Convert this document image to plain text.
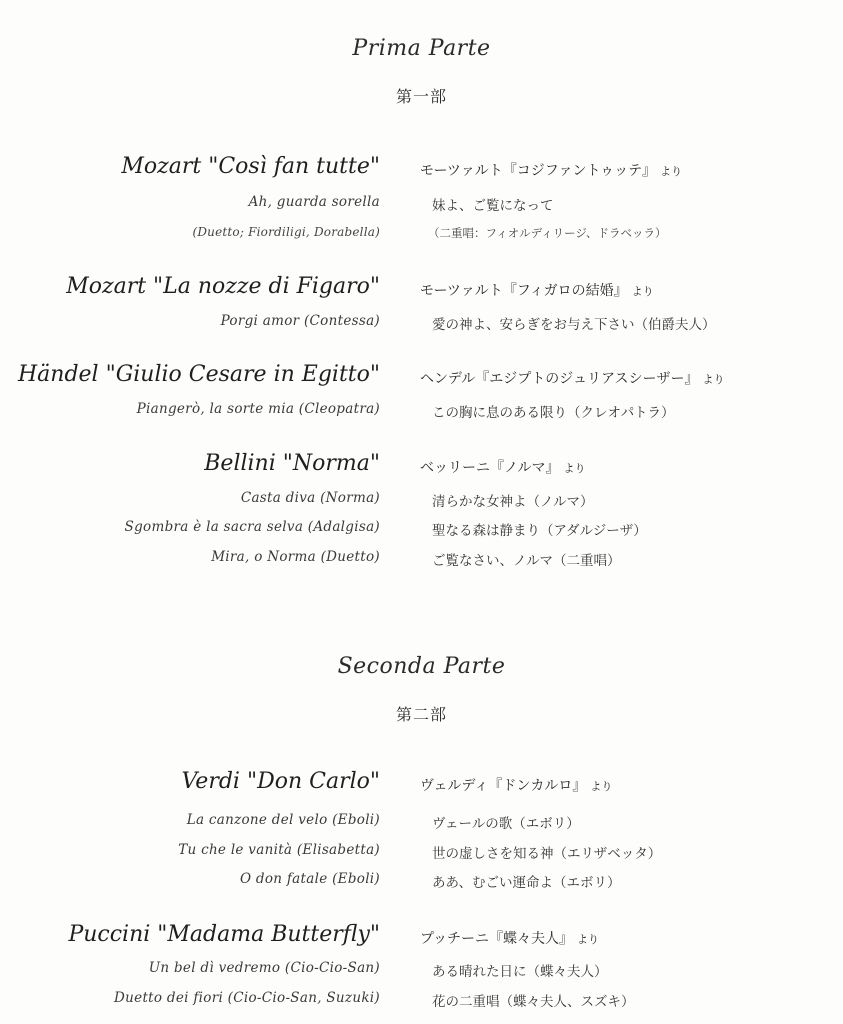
Prima Parte
第一部
Mozart "Così fan tutte"	モーツァルト『コジファントゥッテ』 より
Ah, guarda sorella	妹よ、ご覧になって
(Duetto; Fiordiligi, Dorabella)	（二重唱：フィオルディリージ、ドラベッラ）
Mozart "La nozze di Figaro"	モーツァルト『フィガロの結婚』 より
Porgi amor (Contessa)	愛の神よ、安らぎをお与え下さい（伯爵夫人）
Händel "Giulio Cesare in Egitto"	ヘンデル『エジプトのジュリアスシーザー』 より
Piangerò, la sorte mia (Cleopatra)	この胸に息のある限り（クレオパトラ）
Bellini "Norma"	ベッリーニ『ノルマ』 より
Casta diva (Norma)	清らかな女神よ（ノルマ）
Sgombra è la sacra selva (Adalgisa)	聖なる森は静まり（アダルジーザ）
Mira, o Norma (Duetto)	ご覧なさい、ノルマ（二重唱）
Seconda Parte
第二部
Verdi "Don Carlo"	ヴェルディ『ドンカルロ』 より
La canzone del velo (Eboli)	ヴェールの歌（エボリ）
Tu che le vanità (Elisabetta)	世の虚しさを知る神（エリザベッタ）
O don fatale (Eboli)	ああ、むごい運命よ（エボリ）
Puccini "Madama Butterfly"	プッチーニ『蝶々夫人』 より
Un bel dì vedremo (Cio-Cio-San)	ある晴れた日に（蝶々夫人）
Duetto dei fiori (Cio-Cio-San, Suzuki)	花の二重唱（蝶々夫人、スズキ）
